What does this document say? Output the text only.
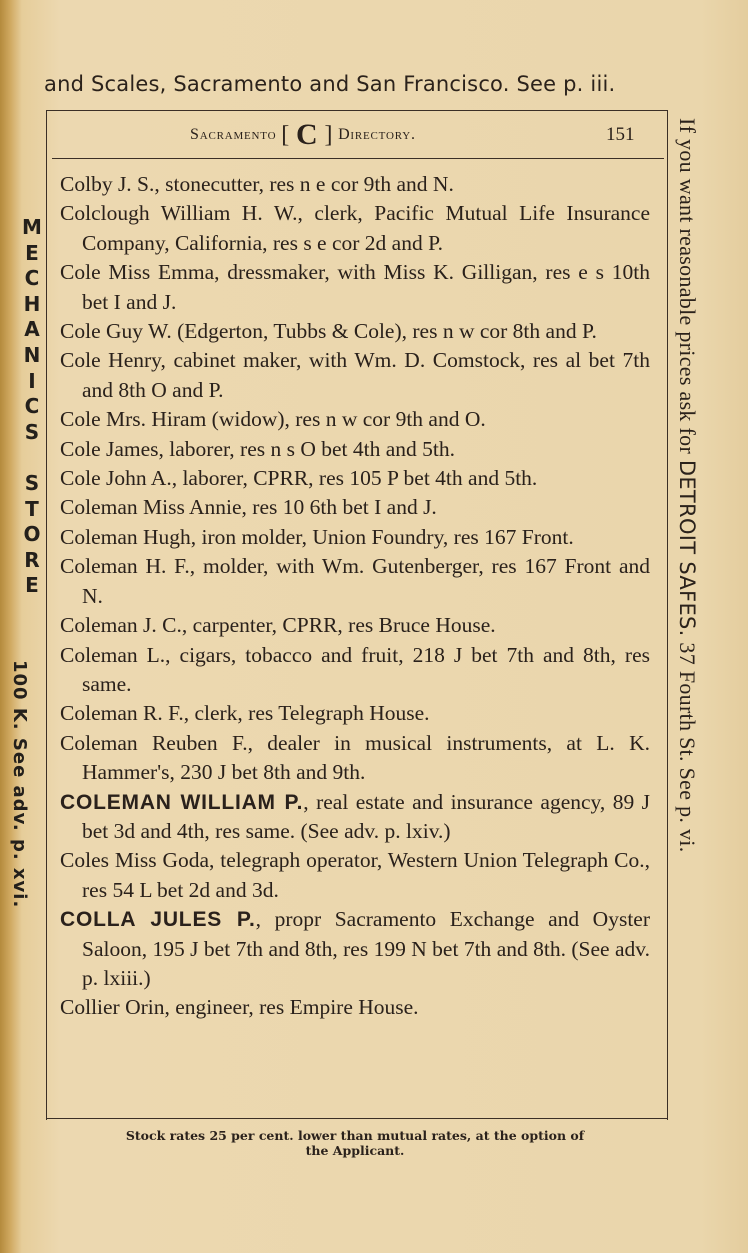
and Scales, Sacramento and San Francisco. See p. iii.
Sacramento [ C ] Directory.	151
Colby J. S., stonecutter, res n e cor 9th and N.
Colclough William H. W., clerk, Pacific Mutual Life Insurance Company, California, res s e cor 2d and P.
Cole Miss Emma, dressmaker, with Miss K. Gilligan, res e s 10th bet I and J.
Cole Guy W. (Edgerton, Tubbs & Cole), res n w cor 8th and P.
Cole Henry, cabinet maker, with Wm. D. Comstock, res al bet 7th and 8th O and P.
Cole Mrs. Hiram (widow), res n w cor 9th and O.
Cole James, laborer, res n s O bet 4th and 5th.
Cole John A., laborer, CPRR, res 105 P bet 4th and 5th.
Coleman Miss Annie, res 10 6th bet I and J.
Coleman Hugh, iron molder, Union Foundry, res 167 Front.
Coleman H. F., molder, with Wm. Gutenberger, res 167 Front and N.
Coleman J. C., carpenter, CPRR, res Bruce House.
Coleman L., cigars, tobacco and fruit, 218 J bet 7th and 8th, res same.
Coleman R. F., clerk, res Telegraph House.
Coleman Reuben F., dealer in musical instruments, at L. K. Hammer's, 230 J bet 8th and 9th.
COLEMAN WILLIAM P., real estate and insurance agency, 89 J bet 3d and 4th, res same. (See adv. p. lxiv.)
Coles Miss Goda, telegraph operator, Western Union Telegraph Co., res 54 L bet 2d and 3d.
COLLA JULES P., propr Sacramento Exchange and Oyster Saloon, 195 J bet 7th and 8th, res 199 N bet 7th and 8th. (See adv. p. lxiii.)
Collier Orin, engineer, res Empire House.
M
E
C
H
A
N
I
C
S

S
T
O
R
E
100 K. See adv. p. xvi.
If you want reasonable prices ask for DETROIT SAFES. 37 Fourth St. See p. vi.
Stock rates 25 per cent. lower than mutual rates, at the option of
the Applicant.
